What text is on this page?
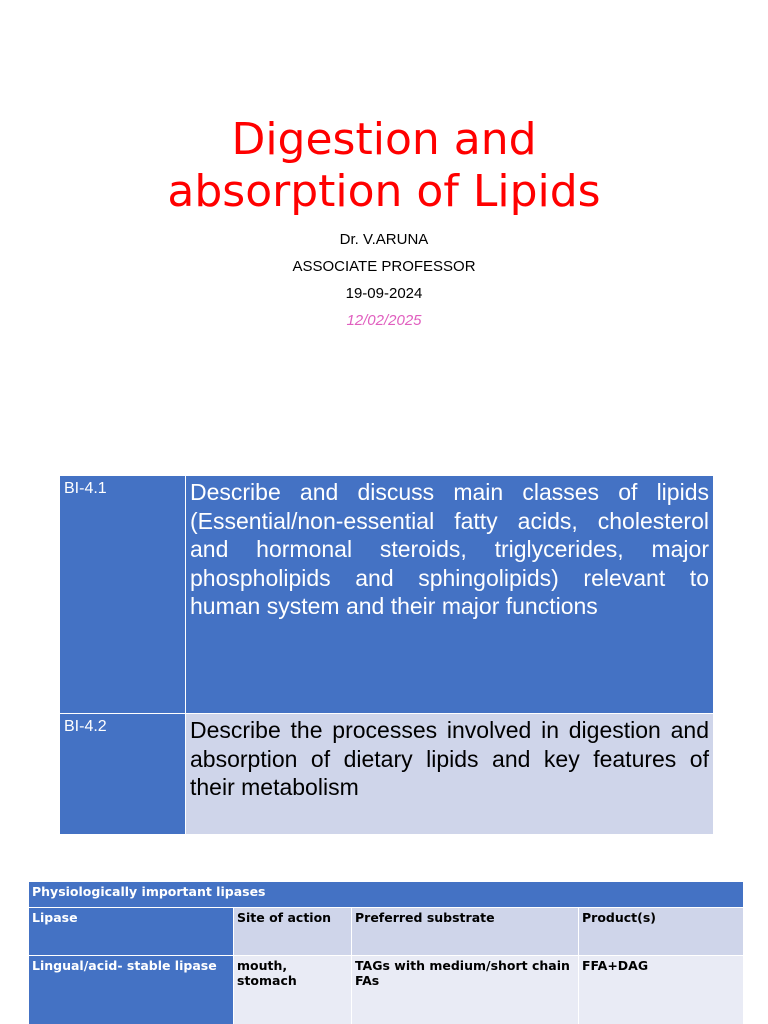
Digestion and
absorption of Lipids
Dr. V.ARUNA
ASSOCIATE PROFESSOR
19-09-2024
12/02/2025
BI-4.1	Describe and discuss main classes of lipids (Essential/non-essential fatty acids, cholesterol and hormonal steroids, triglycerides, major phospholipids and sphingolipids) relevant to human system and their major functions
BI-4.2	Describe the processes involved in digestion and absorption of dietary lipids and key features of their metabolism
Physiologically important lipases			
Lipase	Site of action	Preferred substrate	Product(s)
Lingual/acid- stable lipase	mouth, stomach	TAGs with medium/short chain FAs	FFA+DAG
